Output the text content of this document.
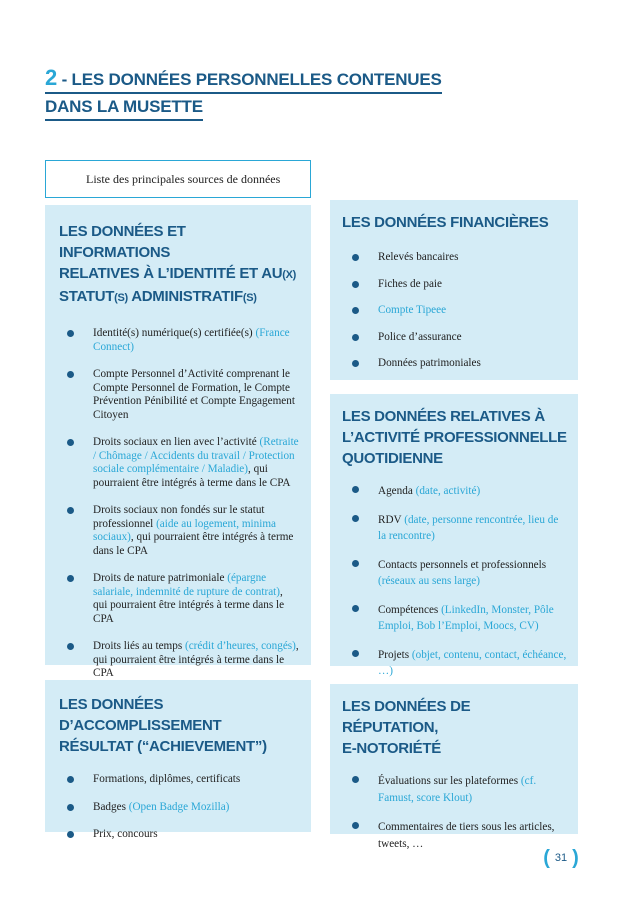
2 - LES DONNÉES PERSONNELLES CONTENUES
DANS LA MUSETTE
Liste des principales sources de données
LES DONNÉES ET INFORMATIONS
RELATIVES À L’IDENTITÉ ET AU(X)
STATUT(S) ADMINISTRATIF(S)
Identité(s) numérique(s) certifiée(s) (France Connect)
Compte Personnel d’Activité comprenant le Compte Personnel de Formation, le Compte Prévention Pénibilité et Compte Engagement Citoyen
Droits sociaux en lien avec l’activité (Retraite / Chômage / Accidents du travail / Protection sociale complémentaire / Maladie), qui pourraient être intégrés à terme dans le CPA
Droits sociaux non fondés sur le statut professionnel (aide au logement, minima sociaux), qui pourraient être intégrés à terme dans le CPA
Droits de nature patrimoniale (épargne salariale, indemnité de rupture de contrat), qui pourraient être intégrés à terme dans le CPA
Droits liés au temps (crédit d’heures, congés), qui pourraient être intégrés à terme dans le CPA
LES DONNÉES FINANCIÈRES
Relevés bancaires
Fiches de paie
Compte Tipeee
Police d’assurance
Données patrimoniales
LES DONNÉES RELATIVES À
L’ACTIVITÉ PROFESSIONNELLE
QUOTIDIENNE
Agenda (date, activité)
RDV (date, personne rencontrée, lieu de la rencontre)
Contacts personnels et professionnels (réseaux au sens large)
Compétences (LinkedIn, Monster, Pôle Emploi, Bob l’Emploi, Moocs, CV)
Projets (objet, contenu, contact, échéance, …)
LES DONNÉES D’ACCOMPLISSEMENT
RÉSULTAT (“ACHIEVEMENT”)
Formations, diplômes, certificats
Badges (Open Badge Mozilla)
Prix, concours
LES DONNÉES DE RÉPUTATION,
E-NOTORIÉTÉ
Évaluations sur les plateformes (cf. Famust, score Klout)
Commentaires de tiers sous les articles, tweets, …
( 31 )
